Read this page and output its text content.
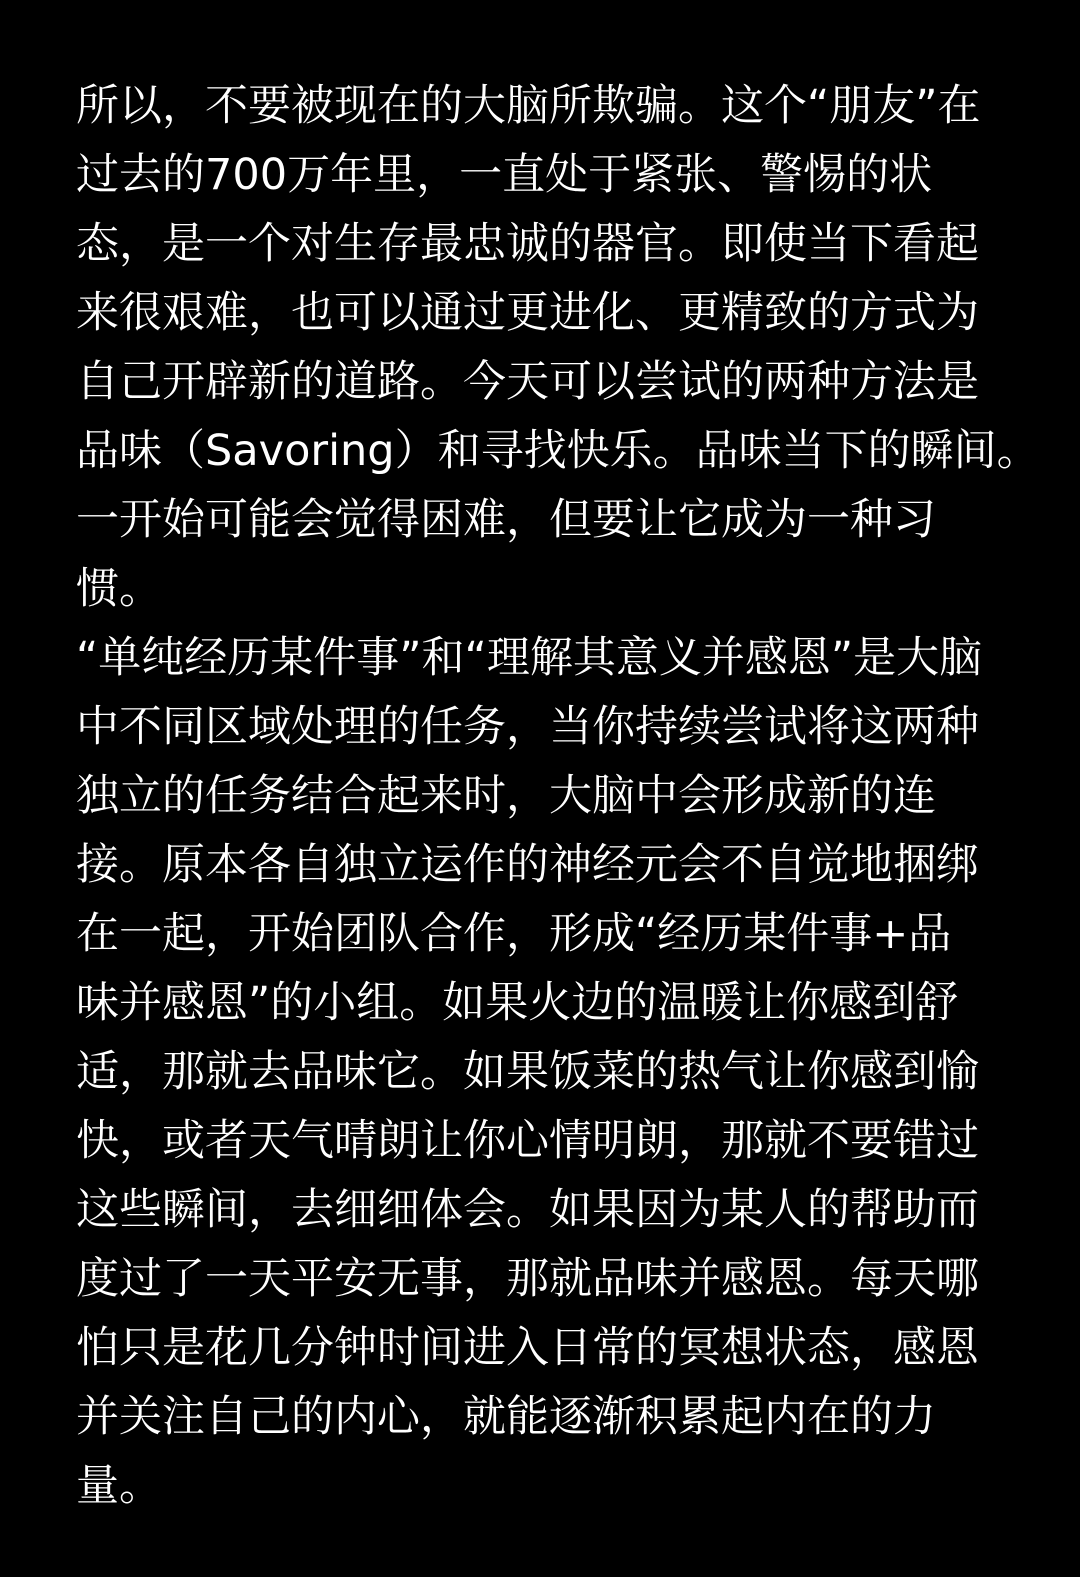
所以，不要被现在的大脑所欺骗。这个“朋友”在
过去的700万年里，一直处于紧张、警惕的状
态，是一个对生存最忠诚的器官。即使当下看起
来很艰难，也可以通过更进化、更精致的方式为
自己开辟新的道路。今天可以尝试的两种方法是
品味（Savoring）和寻找快乐。品味当下的瞬间。
一开始可能会觉得困难，但要让它成为一种习
惯。
“单纯经历某件事”和“理解其意义并感恩”是大脑
中不同区域处理的任务，当你持续尝试将这两种
独立的任务结合起来时，大脑中会形成新的连
接。原本各自独立运作的神经元会不自觉地捆绑
在一起，开始团队合作，形成“经历某件事+品
味并感恩”的小组。如果火边的温暖让你感到舒
适，那就去品味它。如果饭菜的热气让你感到愉
快，或者天气晴朗让你心情明朗，那就不要错过
这些瞬间，去细细体会。如果因为某人的帮助而
度过了一天平安无事，那就品味并感恩。每天哪
怕只是花几分钟时间进入日常的冥想状态，感恩
并关注自己的内心，就能逐渐积累起内在的力
量。
